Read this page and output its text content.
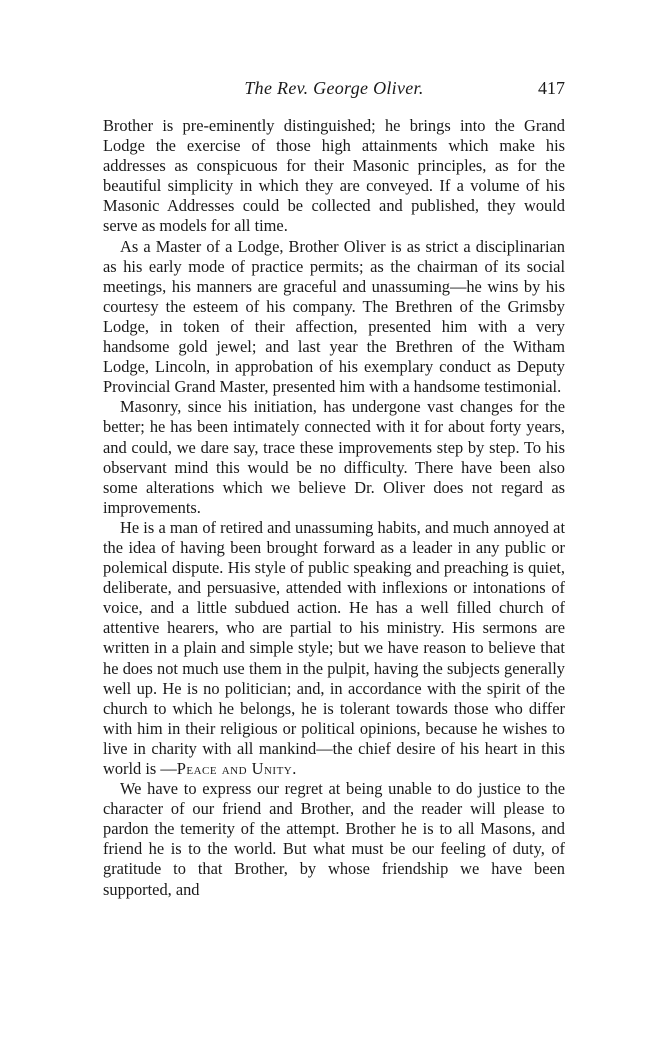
The Rev. George Oliver.	417

Brother is pre-eminently distinguished; he brings into the Grand Lodge the exercise of those high attainments which make his addresses as conspicuous for their Masonic principles, as for the beautiful simplicity in which they are conveyed. If a volume of his Masonic Addresses could be collected and published, they would serve as models for all time.

As a Master of a Lodge, Brother Oliver is as strict a disciplinarian as his early mode of practice permits; as the chairman of its social meetings, his manners are graceful and unassuming—he wins by his courtesy the esteem of his company. The Brethren of the Grimsby Lodge, in token of their affection, presented him with a very handsome gold jewel; and last year the Brethren of the Witham Lodge, Lincoln, in approbation of his exemplary conduct as Deputy Provincial Grand Master, presented him with a handsome testimonial.

Masonry, since his initiation, has undergone vast changes for the better; he has been intimately connected with it for about forty years, and could, we dare say, trace these improvements step by step. To his observant mind this would be no difficulty. There have been also some alterations which we believe Dr. Oliver does not regard as improvements.

He is a man of retired and unassuming habits, and much annoyed at the idea of having been brought forward as a leader in any public or polemical dispute. His style of public speaking and preaching is quiet, deliberate, and persuasive, attended with inflexions or intonations of voice, and a little subdued action. He has a well filled church of attentive hearers, who are partial to his ministry. His sermons are written in a plain and simple style; but we have reason to believe that he does not much use them in the pulpit, having the subjects generally well up. He is no politician; and, in accordance with the spirit of the church to which he belongs, he is tolerant towards those who differ with him in their religious or political opinions, because he wishes to live in charity with all mankind—the chief desire of his heart in this world is —Peace and Unity.

We have to express our regret at being unable to do justice to the character of our friend and Brother, and the reader will please to pardon the temerity of the attempt. Brother he is to all Masons, and friend he is to the world. But what must be our feeling of duty, of gratitude to that Brother, by whose friendship we have been supported, and
